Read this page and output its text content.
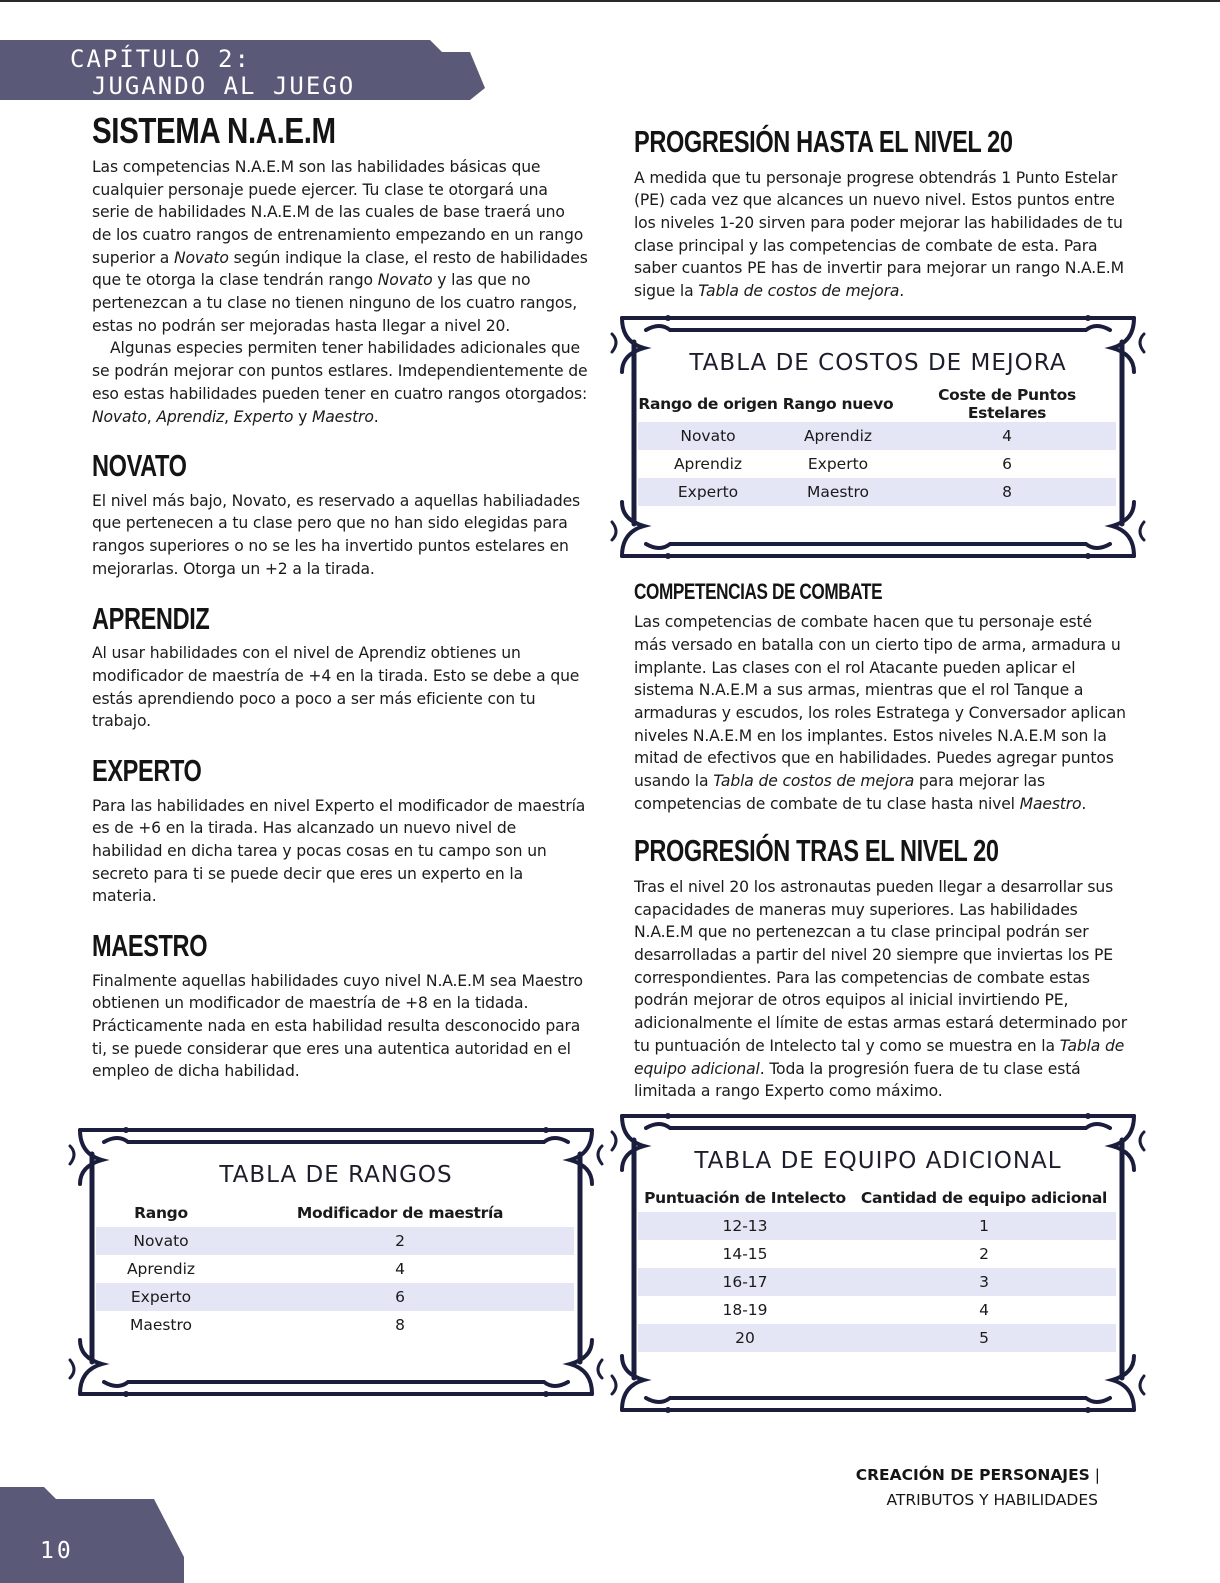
CAPÍTULO 2:
JUGANDO AL JUEGO
SISTEMA N.A.E.M

Las competencias N.A.E.M son las habilidades básicas que cualquier personaje puede ejercer. Tu clase te otorgará una serie de habilidades N.A.E.M de las cuales de base traerá uno de los cuatro rangos de entrenamiento empezando en un rango superior a Novato según indique la clase, el resto de habilidades que te otorga la clase tendrán rango Novato y las que no pertenezcan a tu clase no tienen ninguno de los cuatro rangos, estas no podrán ser mejoradas hasta llegar a nivel 20.

Algunas especies permiten tener habilidades adicionales que se podrán mejorar con puntos estlares. Imdependientemente de eso estas habilidades pueden tener en cuatro rangos otorgados: Novato, Aprendiz, Experto y Maestro.

NOVATO

El nivel más bajo, Novato, es reservado a aquellas habiliadades que pertenecen a tu clase pero que no han sido elegidas para rangos superiores o no se les ha invertido puntos estelares en mejorarlas. Otorga un +2 a la tirada.

APRENDIZ

Al usar habilidades con el nivel de Aprendiz obtienes un modificador de maestría de +4 en la tirada. Esto se debe a que estás aprendiendo poco a poco a ser más eficiente con tu trabajo.

EXPERTO

Para las habilidades en nivel Experto el modificador de maestría es de +6 en la tirada. Has alcanzado un nuevo nivel de habilidad en dicha tarea y pocas cosas en tu campo son un secreto para ti se puede decir que eres un experto en la materia.

MAESTRO

Finalmente aquellas habilidades cuyo nivel N.A.E.M sea Maestro obtienen un modificador de maestría de +8 en la tidada. Prácticamente nada en esta habilidad resulta desconocido para ti, se puede considerar que eres una autentica autoridad en el empleo de dicha habilidad.

PROGRESIÓN HASTA EL NIVEL 20

A medida que tu personaje progrese obtendrás 1 Punto Estelar (PE) cada vez que alcances un nuevo nivel. Estos puntos entre los niveles 1-20 sirven para poder mejorar las habilidades de tu clase principal y las competencias de combate de esta. Para saber cuantos PE has de invertir para mejorar un rango N.A.E.M sigue la Tabla de costos de mejora.

COMPETENCIAS DE COMBATE

Las competencias de combate hacen que tu personaje esté más versado en batalla con un cierto tipo de arma, armadura u implante. Las clases con el rol Atacante pueden aplicar el sistema N.A.E.M a sus armas, mientras que el rol Tanque a armaduras y escudos, los roles Estratega y Conversador aplican niveles N.A.E.M en los implantes. Estos niveles N.A.E.M son la mitad de efectivos que en habilidades. Puedes agregar puntos usando la Tabla de costos de mejora para mejorar las competencias de combate de tu clase hasta nivel Maestro.

PROGRESIÓN TRAS EL NIVEL 20

Tras el nivel 20 los astronautas pueden llegar a desarrollar sus capacidades de maneras muy superiores. Las habilidades N.A.E.M que no pertenezcan a tu clase principal podrán ser desarrolladas a partir del nivel 20 siempre que inviertas los PE correspondientes. Para las competencias de combate estas podrán mejorar de otros equipos al inicial invirtiendo PE, adicionalmente el límite de estas armas estará determinado por tu puntuación de Intelecto tal y como se muestra en la Tabla de equipo adicional. Toda la progresión fuera de tu clase está limitada a rango Experto como máximo.

TABLA DE COSTOS DE MEJORA
Rango de origen	Rango nuevo	Coste de Puntos Estelares
Novato	Aprendiz	4
Aprendiz	Experto	6
Experto	Maestro	8
TABLA DE RANGOS
Rango	Modificador de maestría
Novato	2
Aprendiz	4
Experto	6
Maestro	8
TABLA DE EQUIPO ADICIONAL
Puntuación de Intelecto	Cantidad de equipo adicional
12-13	1
14-15	2
16-17	3
18-19	4
20	5
CREACIÓN DE PERSONAJES |
ATRIBUTOS Y HABILIDADES
10
